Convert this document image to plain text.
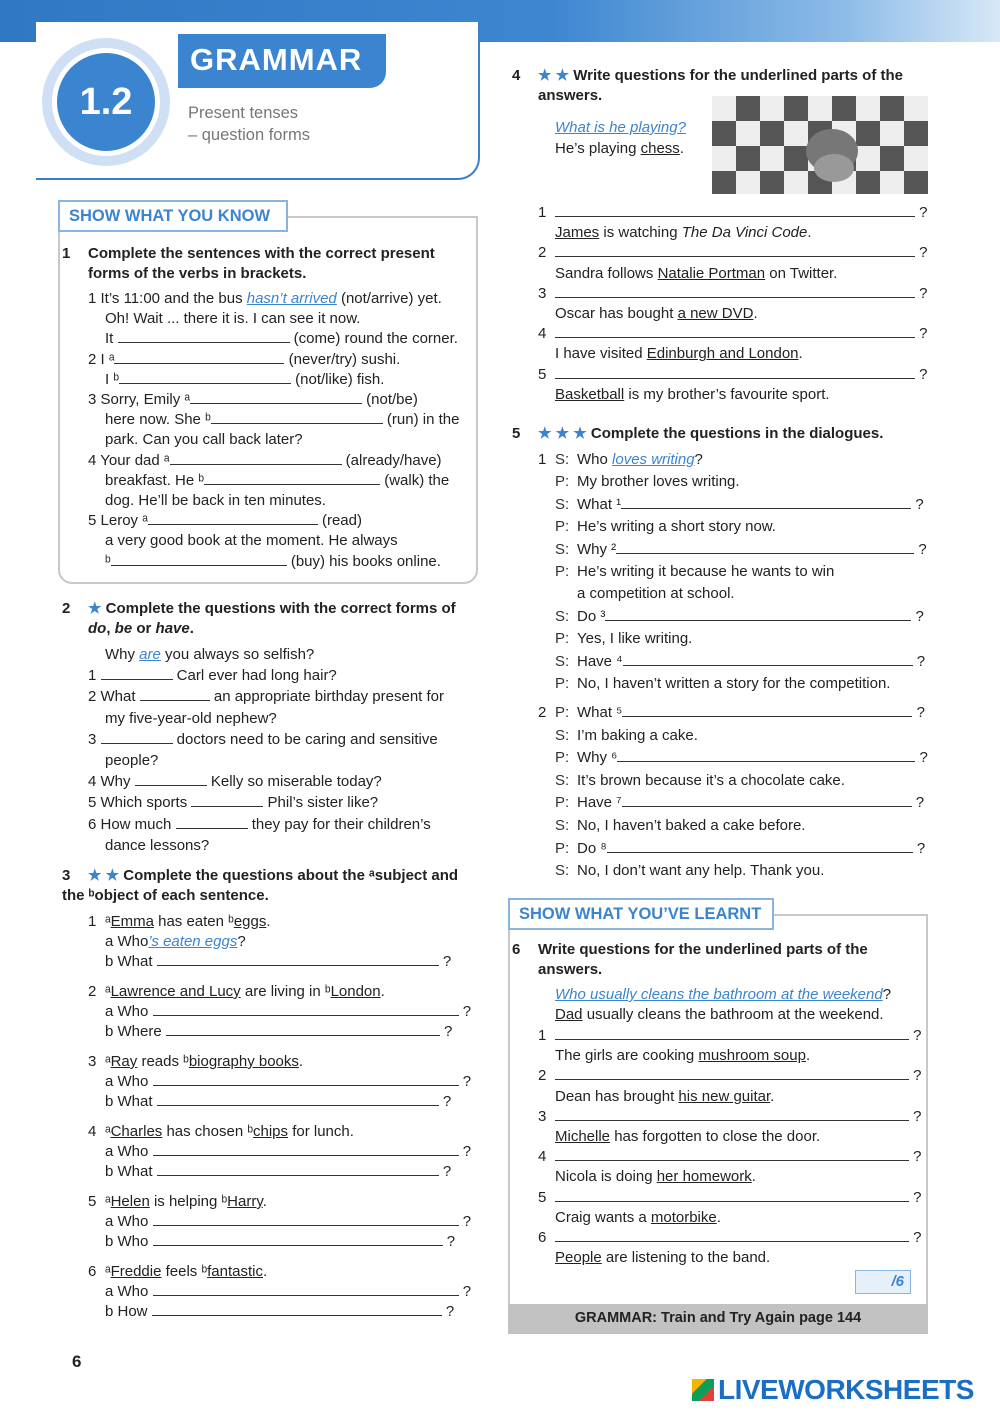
1.2
GRAMMAR
Present tenses
– question forms
SHOW WHAT YOU KNOW
1 Complete the sentences with the correct present
forms of the verbs in brackets.
1 It’s 11:00 and the bus hasn’t arrived (not/arrive) yet.
Oh! Wait ... there it is. I can see it now.
It	(come) round the corner.
2 I ᵃ	(never/try) sushi.
I ᵇ	(not/like) fish.
3 Sorry, Emily ᵃ	(not/be)
here now. She ᵇ	(run) in the
park. Can you call back later?
4 Your dad ᵃ	(already/have)
breakfast. He ᵇ	(walk) the
dog. He’ll be back in ten minutes.
5 Leroy ᵃ	(read)
a very good book at the moment. He always
ᵇ	(buy) his books online.
2 ★ Complete the questions with the correct forms of
do, be or have.
Why are you always so selfish?
1	Carl ever had long hair?
2 What	an appropriate birthday present for
my five-year-old nephew?
3	doctors need to be caring and sensitive
people?
4 Why	Kelly so miserable today?
5 Which sports	Phil’s sister like?
6 How much	they pay for their children’s
dance lessons?
3 ★ ★ Complete the questions about the ᵃsubject and
the ᵇobject of each sentence.
1 ᵃEmma has eaten ᵇeggs.
a Who’s eaten eggs?
b What	?
2 ᵃLawrence and Lucy are living in ᵇLondon.
a Who	?
b Where	?
3 ᵃRay reads ᵇbiography books.
a Who	?
b What	?
4 ᵃCharles has chosen ᵇchips for lunch.
a Who	?
b What	?
5 ᵃHelen is helping ᵇHarry.
a Who	?
b Who	?
6 ᵃFreddie feels ᵇfantastic.
a Who	?
b How	?
4 ★ ★ Write questions for the underlined parts of the
answers.
What is he playing?
He’s playing chess.
1	?
James is watching The Da Vinci Code.
2	?
Sandra follows Natalie Portman on Twitter.
3	?
Oscar has bought a new DVD.
4	?
I have visited Edinburgh and London.
5	?
Basketball is my brother’s favourite sport.
5 ★ ★ ★ Complete the questions in the dialogues.
1 S: Who loves writing?
P: My brother loves writing.
S: What ¹	?
P: He’s writing a short story now.
S: Why ²	?
P: He’s writing it because he wants to win
a competition at school.
S: Do ³	?
P: Yes, I like writing.
S: Have ⁴	?
P: No, I haven’t written a story for the competition.
2 P: What ⁵	?
S: I’m baking a cake.
P: Why ⁶	?
S: It’s brown because it’s a chocolate cake.
P: Have ⁷	?
S: No, I haven’t baked a cake before.
P: Do ⁸	?
S: No, I don’t want any help. Thank you.
SHOW WHAT YOU’VE LEARNT
6 Write questions for the underlined parts of the
answers.
Who usually cleans the bathroom at the weekend?
Dad usually cleans the bathroom at the weekend.
1	?
The girls are cooking mushroom soup.
2	?
Dean has brought his new guitar.
3	?
Michelle has forgotten to close the door.
4	?
Nicola is doing her homework.
5	?
Craig wants a motorbike.
6	?
People are listening to the band.
/6
GRAMMAR: Train and Try Again page 144
6
LIVEWORKSHEETS
